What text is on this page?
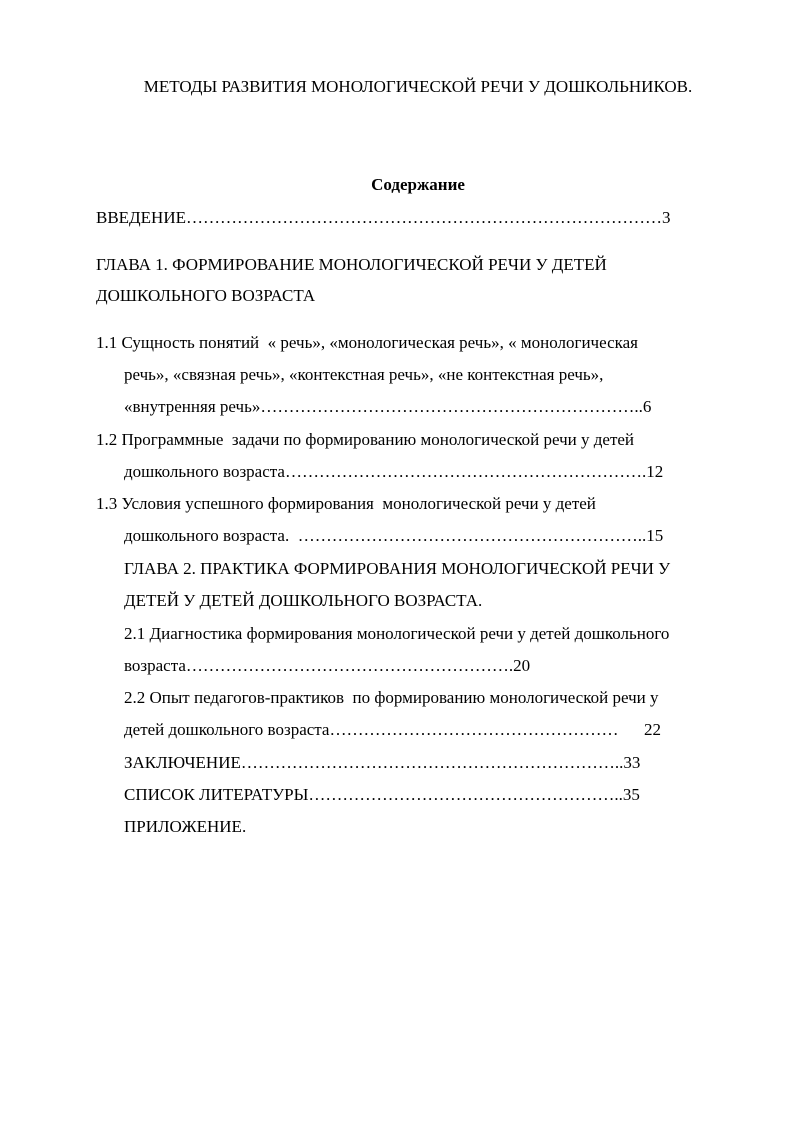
МЕТОДЫ РАЗВИТИЯ МОНОЛОГИЧЕСКОЙ РЕЧИ У ДОШКОЛЬНИКОВ.
Содержание
ВВЕДЕНИЕ…………………………………………………………………………3
ГЛАВА 1. ФОРМИРОВАНИЕ МОНОЛОГИЧЕСКОЙ РЕЧИ У ДЕТЕЙ
ДОШКОЛЬНОГО ВОЗРАСТА
1.1 Сущность понятий  « речь», «монологическая речь», « монологическая
речь», «связная речь», «контекстная речь», «не контекстная речь»,
«внутренняя речь»…………………………………………………………..6
1.2 Программные  задачи по формированию монологической речи у детей
дошкольного возраста……………………………………………………….12
1.3 Условия успешного формирования  монологической речи у детей
дошкольного возраста.  ……………………………………………………..15
ГЛАВА 2. ПРАКТИКА ФОРМИРОВАНИЯ МОНОЛОГИЧЕСКОЙ РЕЧИ У
ДЕТЕЙ У ДЕТЕЙ ДОШКОЛЬНОГО ВОЗРАСТА.
2.1 Диагностика формирования монологической речи у детей дошкольного
возраста………………………………………………….20
2.2 Опыт педагогов-практиков  по формированию монологической речи у
детей дошкольного возраста……………………………………………      22
ЗАКЛЮЧЕНИЕ…………………………………………………………..33
СПИСОК ЛИТЕРАТУРЫ………………………………………………..35
ПРИЛОЖЕНИЕ.
